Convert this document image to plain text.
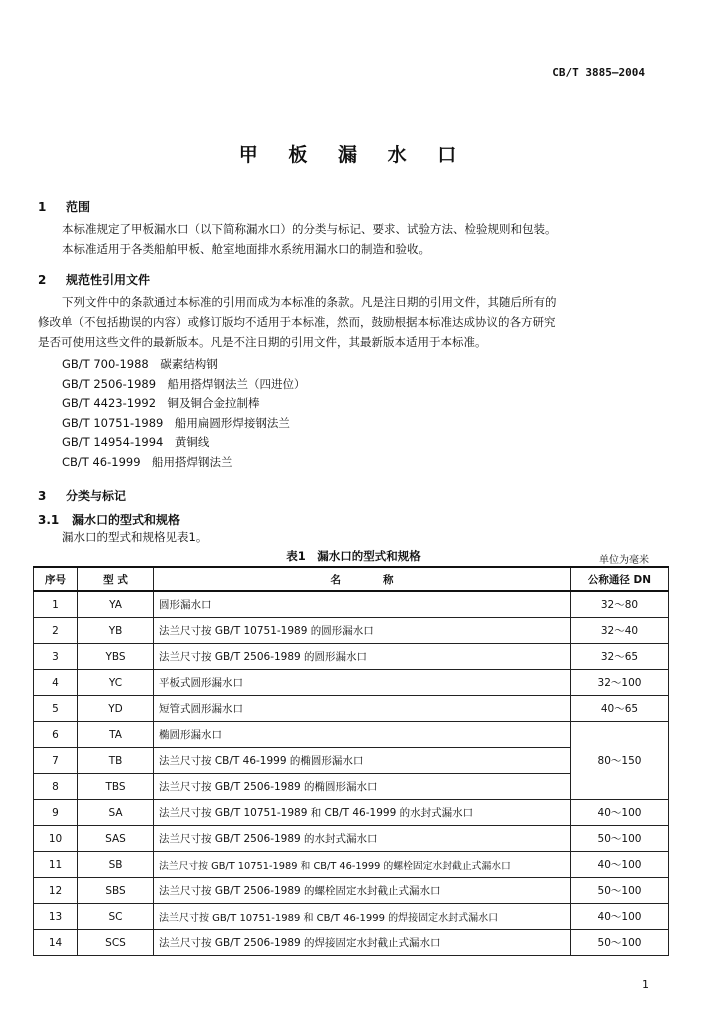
CB/T 3885—2004
甲 板 漏 水 口
1 范围

本标准规定了甲板漏水口（以下简称漏水口）的分类与标记、要求、试验方法、检验规则和包装。

本标准适用于各类船舶甲板、舱室地面排水系统用漏水口的制造和验收。

2 规范性引用文件

下列文件中的条款通过本标准的引用而成为本标准的条款。凡是注日期的引用文件，其随后所有的

修改单（不包括勘误的内容）或修订版均不适用于本标准，然而，鼓励根据本标准达成协议的各方研究

是否可使用这些文件的最新版本。凡是不注日期的引用文件，其最新版本适用于本标准。

GB/T 700-1988　碳素结构钢
GB/T 2506-1989　船用搭焊钢法兰（四进位）
GB/T 4423-1992　铜及铜合金拉制棒
GB/T 10751-1989　船用扁圆形焊接钢法兰
GB/T 14954-1994　黄铜线
CB/T 46-1999　船用搭焊钢法兰
3 分类与标记
3.1 漏水口的型式和规格

漏水口的型式和规格见表1。

表1　漏水口的型式和规格	单位为毫米
序号	型 式	名　　　　称	公称通径 DN
1	YA	圆形漏水口	32～80
2	YB	法兰尺寸按 GB/T 10751-1989 的圆形漏水口	32～40
3	YBS	法兰尺寸按 GB/T 2506-1989 的圆形漏水口	32～65
4	YC	平板式圆形漏水口	32～100
5	YD	短管式圆形漏水口	40～65
6	TA	椭圆形漏水口	80～150
7	TB	法兰尺寸按 CB/T 46-1999 的椭圆形漏水口	
8	TBS	法兰尺寸按 GB/T 2506-1989 的椭圆形漏水口	
9	SA	法兰尺寸按 GB/T 10751-1989 和 CB/T 46-1999 的水封式漏水口	40～100
10	SAS	法兰尺寸按 GB/T 2506-1989 的水封式漏水口	50～100
11	SB	法兰尺寸按 GB/T 10751-1989 和 CB/T 46-1999 的螺栓固定水封截止式漏水口	40～100
12	SBS	法兰尺寸按 GB/T 2506-1989 的螺栓固定水封截止式漏水口	50～100
13	SC	法兰尺寸按 GB/T 10751-1989 和 CB/T 46-1999 的焊接固定水封式漏水口	40～100
14	SCS	法兰尺寸按 GB/T 2506-1989 的焊接固定水封截止式漏水口	50～100
1
